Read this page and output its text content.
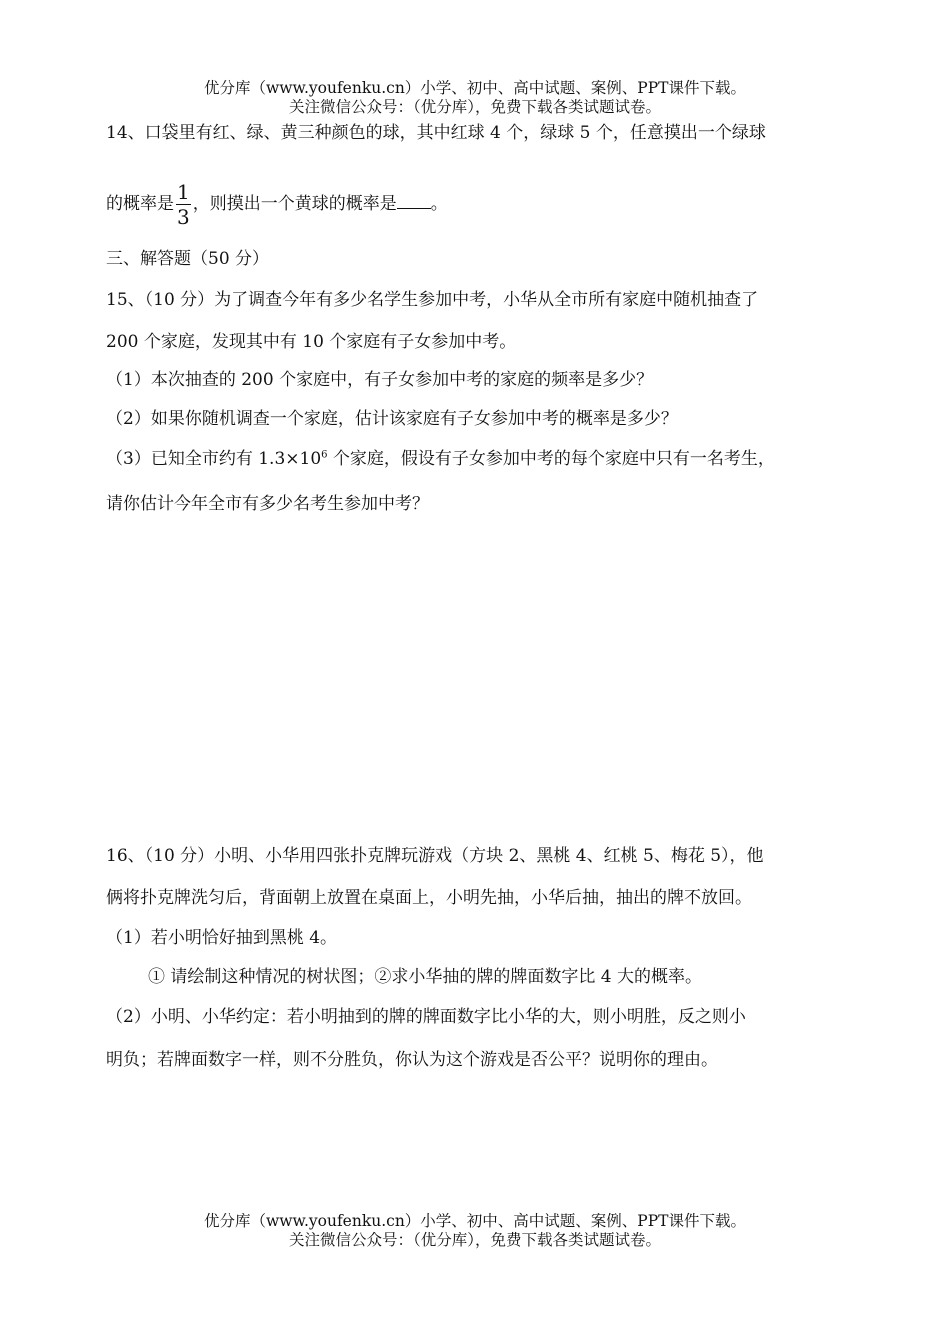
优分库（www.youfenku.cn）小学、初中、高中试题、案例、PPT课件下载。
关注微信公众号：（优分库），免费下载各类试题试卷。
14、口袋里有红、绿、黄三种颜色的球，其中红球 4 个，绿球 5 个，任意摸出一个绿球
的概率是 $\frac{1}{3}$ ，则摸出一个黄球的概率是 。
三、解答题（50 分）
15、（10 分）为了调查今年有多少名学生参加中考，小华从全市所有家庭中随机抽查了
200 个家庭，发现其中有 10 个家庭有子女参加中考。
（1）本次抽查的 200 个家庭中，有子女参加中考的家庭的频率是多少？
（2）如果你随机调查一个家庭，估计该家庭有子女参加中考的概率是多少？
（3）已知全市约有 $1.3\times 10^6$ 个家庭，假设有子女参加中考的每个家庭中只有一名考生，
请你估计今年全市有多少名考生参加中考？
16、（10 分）小明、小华用四张扑克牌玩游戏（方块 2、黑桃 4、红桃 5、梅花 5），他
俩将扑克牌洗匀后，背面朝上放置在桌面上，小明先抽，小华后抽，抽出的牌不放回。
（1）若小明恰好抽到黑桃 4。
① 请绘制这种情况的树状图；②求小华抽的牌的牌面数字比 4 大的概率。
（2）小明、小华约定：若小明抽到的牌的牌面数字比小华的大，则小明胜，反之则小
明负；若牌面数字一样，则不分胜负，你认为这个游戏是否公平？说明你的理由。
优分库（www.youfenku.cn）小学、初中、高中试题、案例、PPT课件下载。
关注微信公众号：（优分库），免费下载各类试题试卷。
